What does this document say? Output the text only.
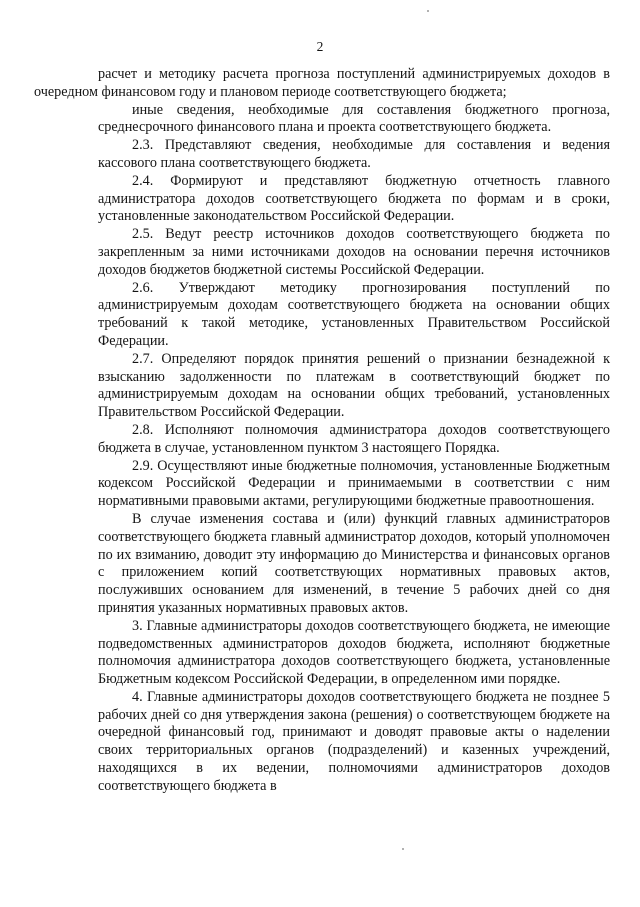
2

расчет и методику расчета прогноза поступлений администрируемых доходов в очередном финансовом году и плановом периоде соответствующего бюджета;

иные сведения, необходимые для составления бюджетного прогноза, среднесрочного финансового плана и проекта соответствующего бюджета.

2.3. Представляют сведения, необходимые для составления и ведения кассового плана соответствующего бюджета.

2.4. Формируют и представляют бюджетную отчетность главного администратора доходов соответствующего бюджета по формам и в сроки, установленные законодательством Российской Федерации.

2.5. Ведут реестр источников доходов соответствующего бюджета по закрепленным за ними источниками доходов на основании перечня источников доходов бюджетов бюджетной системы Российской Федерации.

2.6. Утверждают методику прогнозирования поступлений по администрируемым доходам соответствующего бюджета на основании общих требований к такой методике, установленных Правительством Российской Федерации.

2.7. Определяют порядок принятия решений о признании безнадежной к взысканию задолженности по платежам в соответствующий бюджет по администрируемым доходам на основании общих требований, установленных Правительством Российской Федерации.

2.8. Исполняют полномочия администратора доходов соответствующего бюджета в случае, установленном пунктом 3 настоящего Порядка.

2.9. Осуществляют иные бюджетные полномочия, установленные Бюджетным кодексом Российской Федерации и принимаемыми в соответствии с ним нормативными правовыми актами, регулирующими бюджетные правоотношения.

В случае изменения состава и (или) функций главных администраторов соответствующего бюджета главный администратор доходов, который уполномочен по их взиманию, доводит эту информацию до Министерства и финансовых органов с приложением копий соответствующих нормативных правовых актов, послуживших основанием для изменений, в течение 5 рабочих дней со дня принятия указанных нормативных правовых актов.

3. Главные администраторы доходов соответствующего бюджета, не имеющие подведомственных администраторов доходов бюджета, исполняют бюджетные полномочия администратора доходов соответствующего бюджета, установленные Бюджетным кодексом Российской Федерации, в определенном ими порядке.

4. Главные администраторы доходов соответствующего бюджета не позднее 5 рабочих дней со дня утверждения закона (решения) о соответствующем бюджете на очередной финансовый год, принимают и доводят правовые акты о наделении своих территориальных органов (подразделений) и казенных учреждений, находящихся в их ведении, полномочиями администраторов доходов соответствующего бюджета в
